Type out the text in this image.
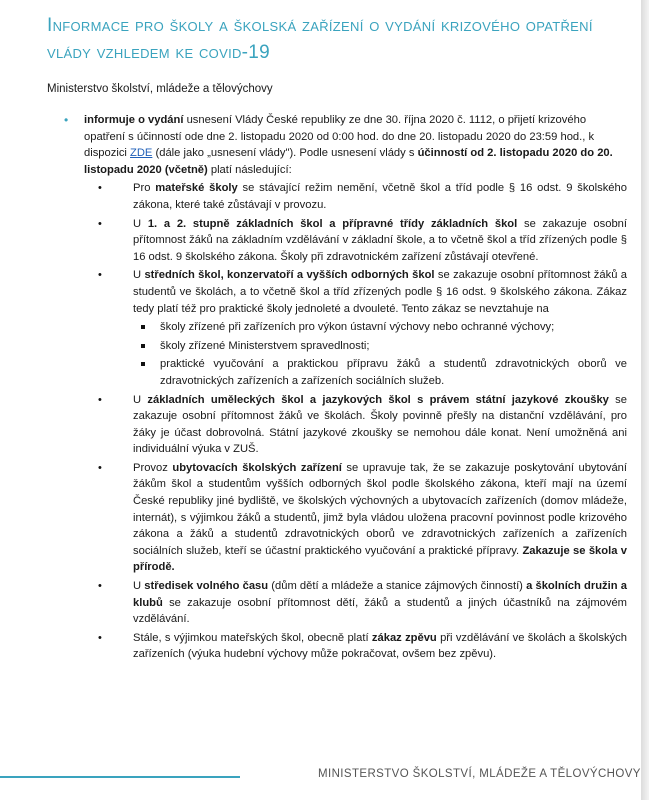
Informace pro školy a školská zařízení o vydání krizového opatření vlády vzhledem ke covid-19
Ministerstvo školství, mládeže a tělovýchovy
• informuje o vydání usnesení Vlády České republiky ze dne 30. října 2020 č. 1112, o přijetí krizového opatření s účinností ode dne 2. listopadu 2020 od 0:00 hod. do dne 20. listopadu 2020 do 23:59 hod., k dispozici ZDE (dále jako „usnesení vlády"). Podle usnesení vlády s účinností od 2. listopadu 2020 do 20. listopadu 2020 (včetně) platí následující:
•	Pro mateřské školy se stávající režim nemění, včetně škol a tříd podle § 16 odst. 9 školského zákona, které také zůstávají v provozu.
•	U 1. a 2. stupně základních škol a přípravné třídy základních škol se zakazuje osobní přítomnost žáků na základním vzdělávání v základní škole, a to včetně škol a tříd zřízených podle § 16 odst. 9 školského zákona. Školy při zdravotnickém zařízení zůstávají otevřené.
•	U středních škol, konzervatoří a vyšších odborných škol se zakazuje osobní přítomnost žáků a studentů ve školách, a to včetně škol a tříd zřízených podle § 16 odst. 9 školského zákona. Zákaz tedy platí též pro praktické školy jednoleté a dvouleté. Tento zákaz se nevztahuje na
školy zřízené při zařízeních pro výkon ústavní výchovy nebo ochranné výchovy;
školy zřízené Ministerstvem spravedlnosti;
praktické vyučování a praktickou přípravu žáků a studentů zdravotnických oborů ve zdravotnických zařízeních a zařízeních sociálních služeb.
•	U základních uměleckých škol a jazykových škol s právem státní jazykové zkoušky se zakazuje osobní přítomnost žáků ve školách. Školy povinně přešly na distanční vzdělávání, pro žáky je účast dobrovolná. Státní jazykové zkoušky se nemohou dále konat. Není umožněná ani individuální výuka v ZUŠ.
•	Provoz ubytovacích školských zařízení se upravuje tak, že se zakazuje poskytování ubytování žákům škol a studentům vyšších odborných škol podle školského zákona, kteří mají na území České republiky jiné bydliště, ve školských výchovných a ubytovacích zařízeních (domov mládeže, internát), s výjimkou žáků a studentů, jimž byla vládou uložena pracovní povinnost podle krizového zákona a žáků a studentů zdravotnických oborů ve zdravotnických zařízeních a zařízeních sociálních služeb, kteří se účastní praktického vyučování a praktické přípravy. Zakazuje se škola v přírodě.
•	U středisek volného času (dům dětí a mládeže a stanice zájmových činností) a školních družin a klubů se zakazuje osobní přítomnost dětí, žáků a studentů a jiných účastníků na zájmovém vzdělávání.
•	Stále, s výjimkou mateřských škol, obecně platí zákaz zpěvu při vzdělávání ve školách a školských zařízeních (výuka hudební výchovy může pokračovat, ovšem bez zpěvu).
MINISTERSTVO ŠKOLSTVÍ, MLÁDEŽE A TĚLOVÝCHOVY
